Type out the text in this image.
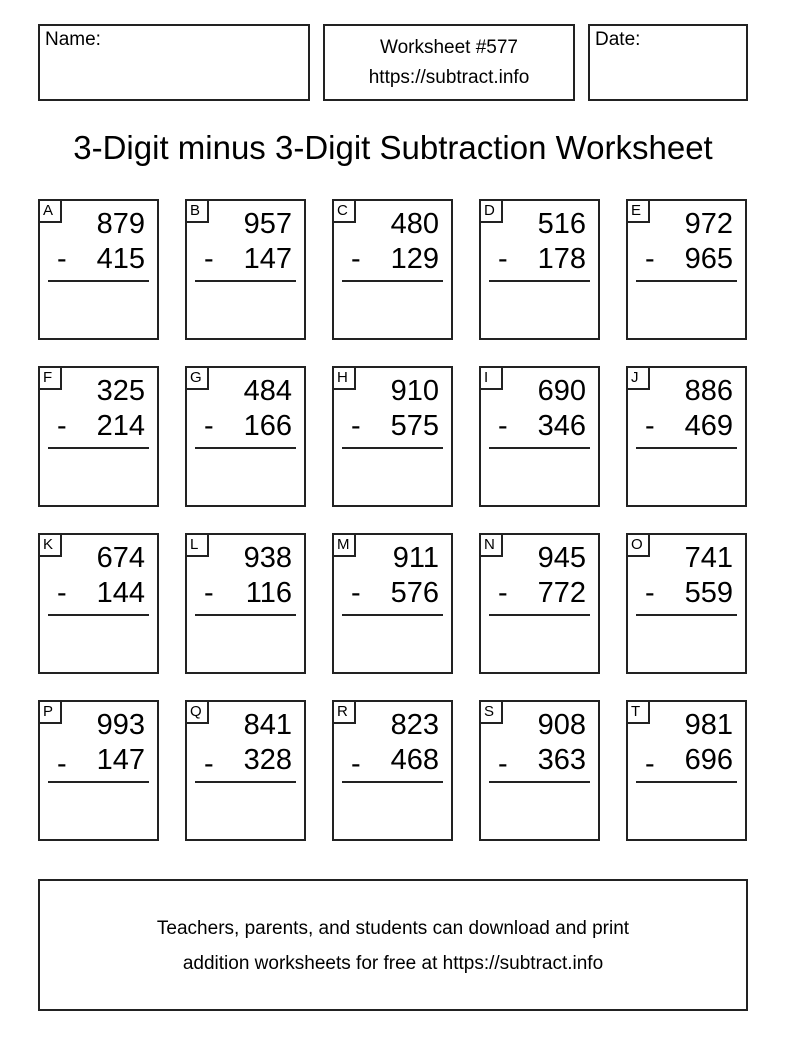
Name:	Worksheet #577
https://subtract.info
Date:
3-Digit minus 3-Digit Subtraction Worksheet
A	879
- 415
B	957
- 147
C 480
- 129
D 516
- 178
E	972
- 965
F	325
- 214
G 484
- 166
H 910
- 575
I	690
- 346
J	886
- 469
K	674
- 144
L	938
- 116
M 911
- 576
N 945
- 772
O 741
- 559
P	993
- 147
Q 841
- 328
R 823
- 468
S	908
- 363
T	981
- 696
Teachers, parents, and students can download and print
addition worksheets for free at https://subtract.info
